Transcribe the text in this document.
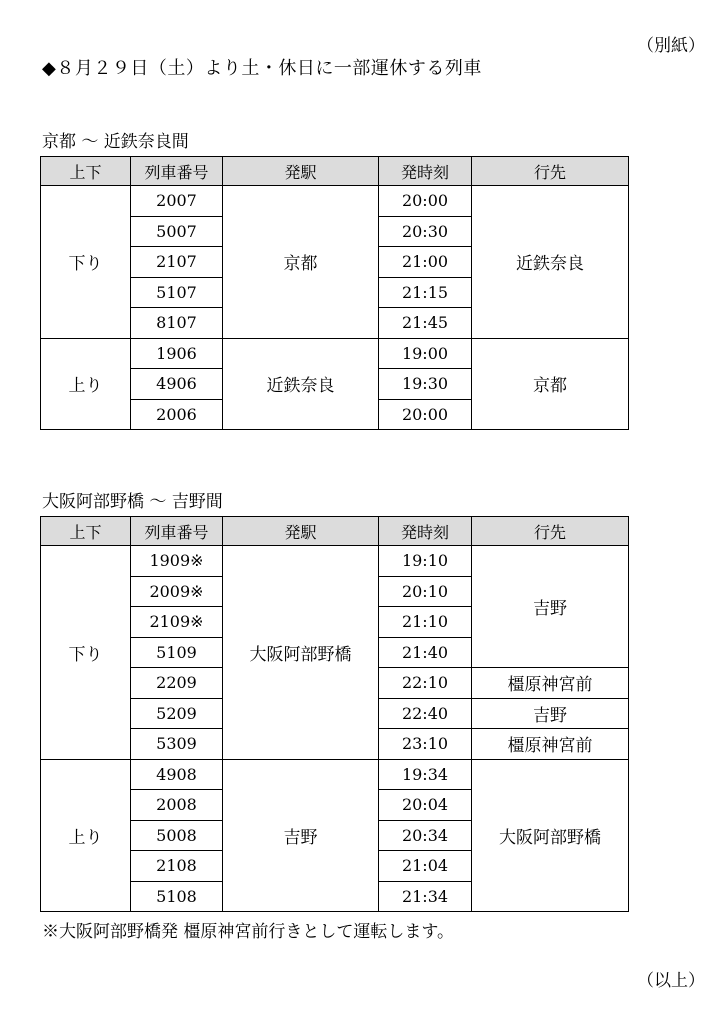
（別紙）
◆８月２９日（土）より土・休日に一部運休する列車
京都 〜 近鉄奈良間
上下	列車番号	発駅	発時刻	行先
下り	2007	京都	20:00	近鉄奈良
	5007		20:30	
	2107		21:00	
	5107		21:15	
	8107		21:45	
上り	1906	近鉄奈良	19:00	京都
	4906		19:30	
	2006		20:00	
大阪阿部野橋 〜 吉野間
上下	列車番号	発駅	発時刻	行先
下り	1909※	大阪阿部野橋	19:10	吉野
	2009※		20:10	
	2109※		21:10	
	5109		21:40	
	2209		22:10	橿原神宮前
	5209		22:40	吉野
	5309		23:10	橿原神宮前
上り	4908	吉野	19:34	大阪阿部野橋
	2008		20:04	
	5008		20:34	
	2108		21:04	
	5108		21:34	
※大阪阿部野橋発 橿原神宮前行きとして運転します。
（以上）
